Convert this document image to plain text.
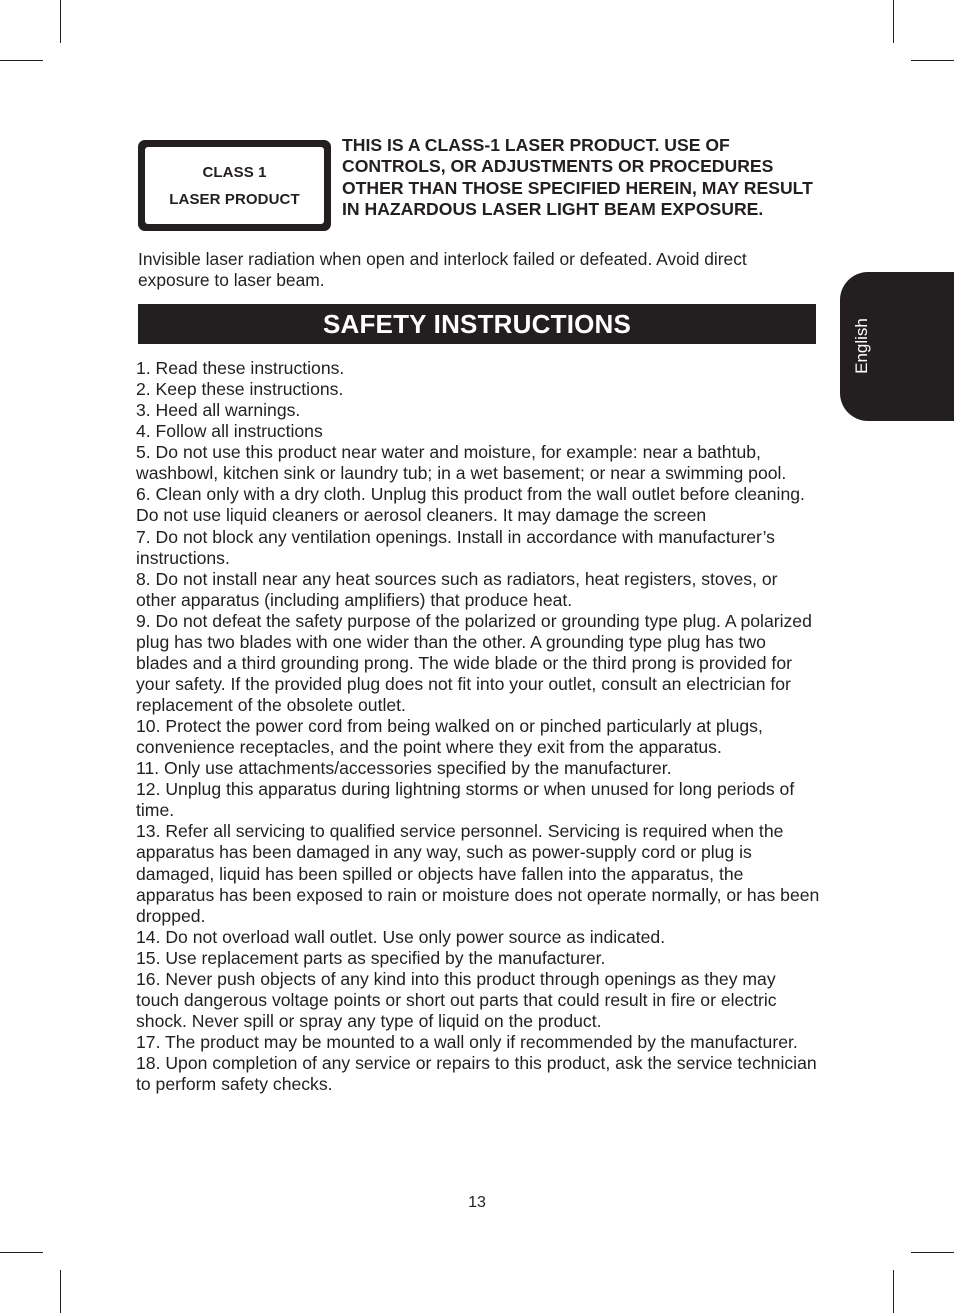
CLASS 1
LASER PRODUCT

THIS IS A CLASS-1 LASER PRODUCT. USE OF CONTROLS, OR ADJUSTMENTS OR PROCEDURES OTHER THAN THOSE SPECIFIED HEREIN, MAY RESULT IN HAZARDOUS LASER LIGHT BEAM EXPOSURE.

Invisible laser radiation when open and interlock failed or defeated. Avoid direct exposure to laser beam.

SAFETY INSTRUCTIONS
1. Read these instructions.
2. Keep these instructions.
3. Heed all warnings.
4. Follow all instructions
5. Do not use this product near water and moisture, for example: near a bathtub, washbowl, kitchen sink or laundry tub; in a wet basement; or near a swimming pool.
6. Clean only with a dry cloth. Unplug this product from the wall outlet before cleaning. Do not use liquid cleaners or aerosol cleaners. It may damage the screen
7. Do not block any ventilation openings. Install in accordance with manufacturer’s instructions.
8. Do not install near any heat sources such as radiators, heat registers, stoves, or other apparatus (including amplifiers) that produce heat.
9. Do not defeat the safety purpose of the polarized or grounding type plug. A polarized plug has two blades with one wider than the other. A grounding type plug has two blades and a third grounding prong. The wide blade or the third prong is provided for your safety. If the provided plug does not fit into your outlet, consult an electrician for replacement of the obsolete outlet.
10. Protect the power cord from being walked on or pinched particularly at plugs, convenience receptacles, and the point where they exit from the apparatus.
11. Only use attachments/accessories specified by the manufacturer.
12. Unplug this apparatus during lightning storms or when unused for long periods of time.
13. Refer all servicing to qualified service personnel. Servicing is required when the apparatus has been damaged in any way, such as power-supply cord or plug is damaged, liquid has been spilled or objects have fallen into the apparatus, the apparatus has been exposed to rain or moisture does not operate normally, or has been dropped.
14. Do not overload wall outlet. Use only power source as indicated.
15. Use replacement parts as specified by the manufacturer.
16. Never push objects of any kind into this product through openings as they may touch dangerous voltage points or short out parts that could result in fire or electric shock. Never spill or spray any type of liquid on the product.
17. The product may be mounted to a wall only if recommended by the manufacturer.
18. Upon completion of any service or repairs to this product, ask the service technician to perform safety checks.
English
13
